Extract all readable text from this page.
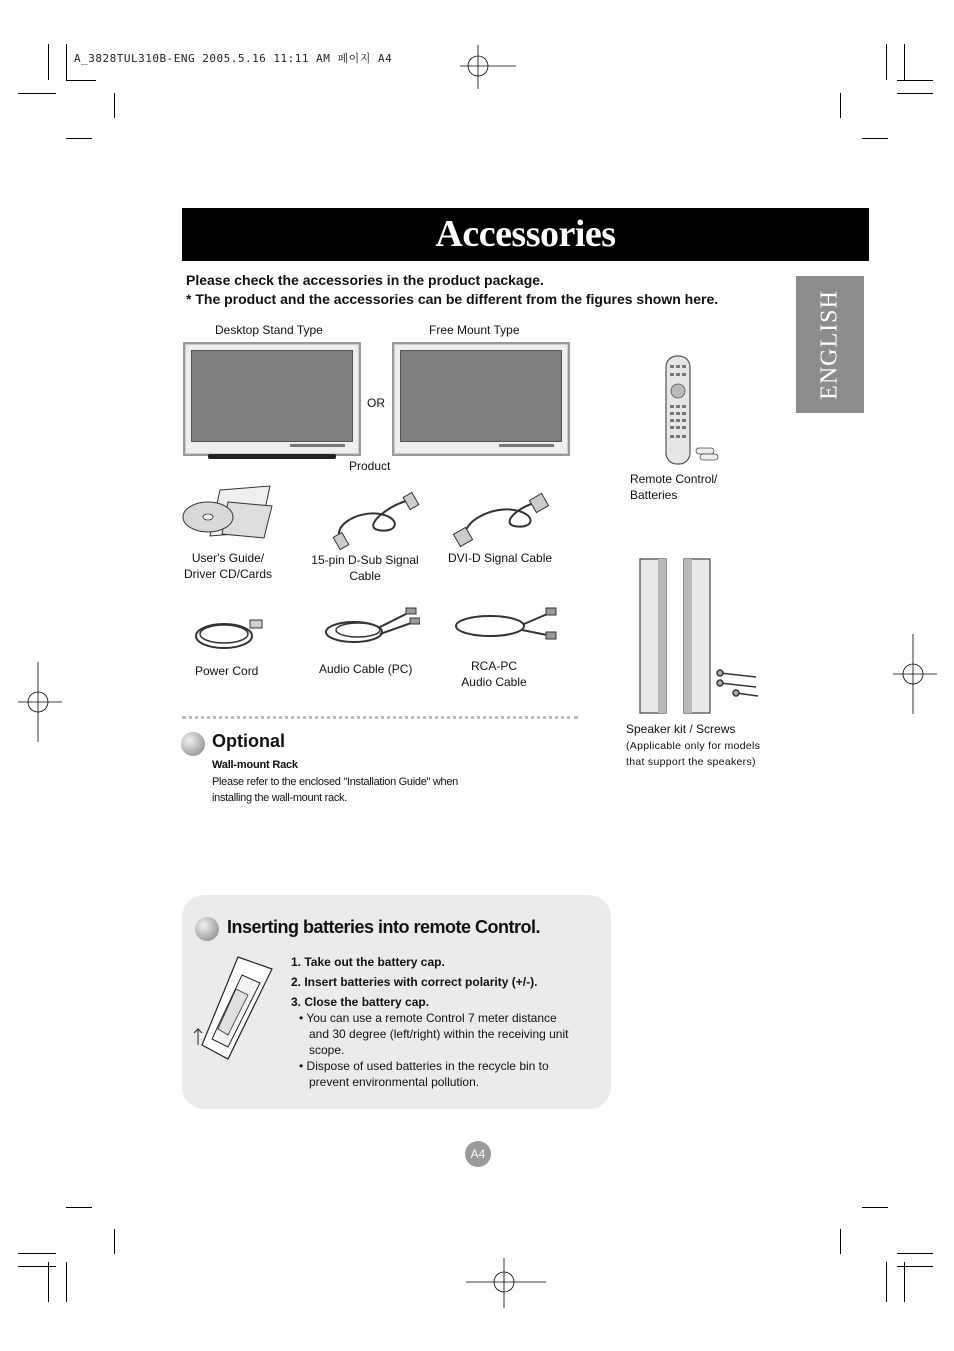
A_3828TUL310B-ENG 2005.5.16 11:11 AM 페이지 A4
Accessories
ENGLISH
Please check the accessories in the product package.
* The product and the accessories can be different from the figures shown here.
Desktop Stand Type	Free Mount Type
OR
Product
Remote Control/
Batteries
User's Guide/
Driver CD/Cards
15-pin D-Sub Signal
Cable
DVI-D Signal Cable
Power Cord	Audio Cable (PC)	RCA-PC
Audio Cable
Speaker kit / Screws
(Applicable only for models
that support the speakers)
Optional
Wall-mount Rack
Please refer to the enclosed "Installation Guide" when
installing the wall-mount rack.
Inserting batteries into remote Control.
1. Take out the battery cap.
2. Insert batteries with correct polarity (+/-).
3. Close the battery cap.
• You can use a remote Control 7 meter distance
and 30 degree (left/right) within the receiving unit
scope.
• Dispose of used batteries in the recycle bin to
prevent environmental pollution.
A4
